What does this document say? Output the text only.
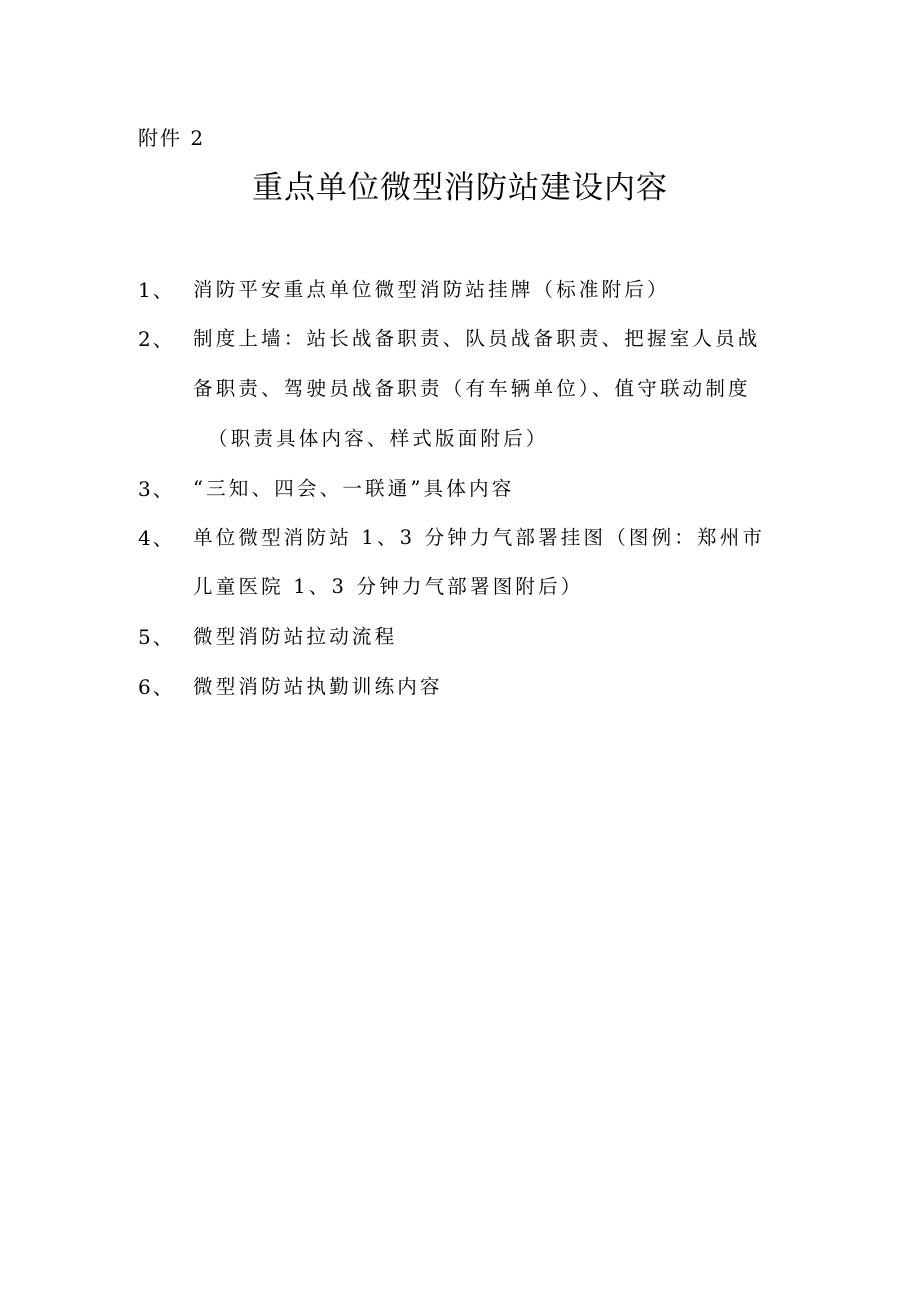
附件 2
重点单位微型消防站建设内容
1、 消防平安重点单位微型消防站挂牌（标准附后）
2、 制度上墙：站长战备职责、队员战备职责、把握室人员战
备职责、驾驶员战备职责（有车辆单位）、值守联动制度
（职责具体内容、样式版面附后）
3、 “三知、四会、一联通”具体内容
4、 单位微型消防站 1、3 分钟力气部署挂图（图例：郑州市
儿童医院 1、3 分钟力气部署图附后）
5、 微型消防站拉动流程
6、 微型消防站执勤训练内容
